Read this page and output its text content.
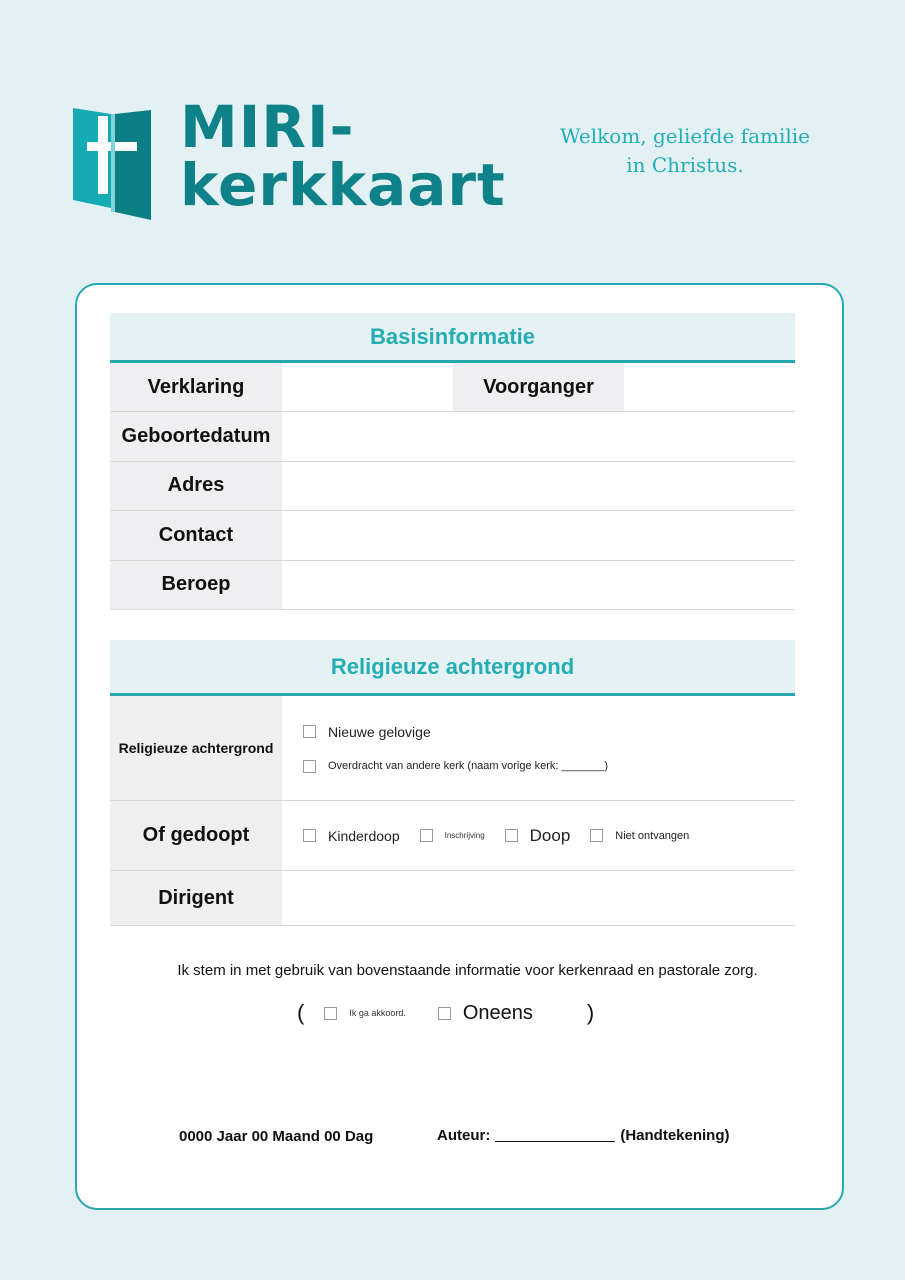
MIRI-
kerkkaart
Welkom, geliefde familie
in Christus.
Basisinformatie
Verklaring	Voorganger
Geboortedatum
Adres
Contact
Beroep
Religieuze achtergrond
Religieuze achtergrond
Nieuwe gelovige
Overdracht van andere kerk (naam vorige kerk: _______)
Of gedoopt	Kinderdoop	Inschrijving	Doop	Niet ontvangen
Dirigent
Ik stem in met gebruik van bovenstaande informatie voor kerkenraad en pastorale zorg.
(	Ik ga akkoord.	Oneens )
0000 Jaar 00 Maand 00 Dag	Auteur:	(Handtekening)
